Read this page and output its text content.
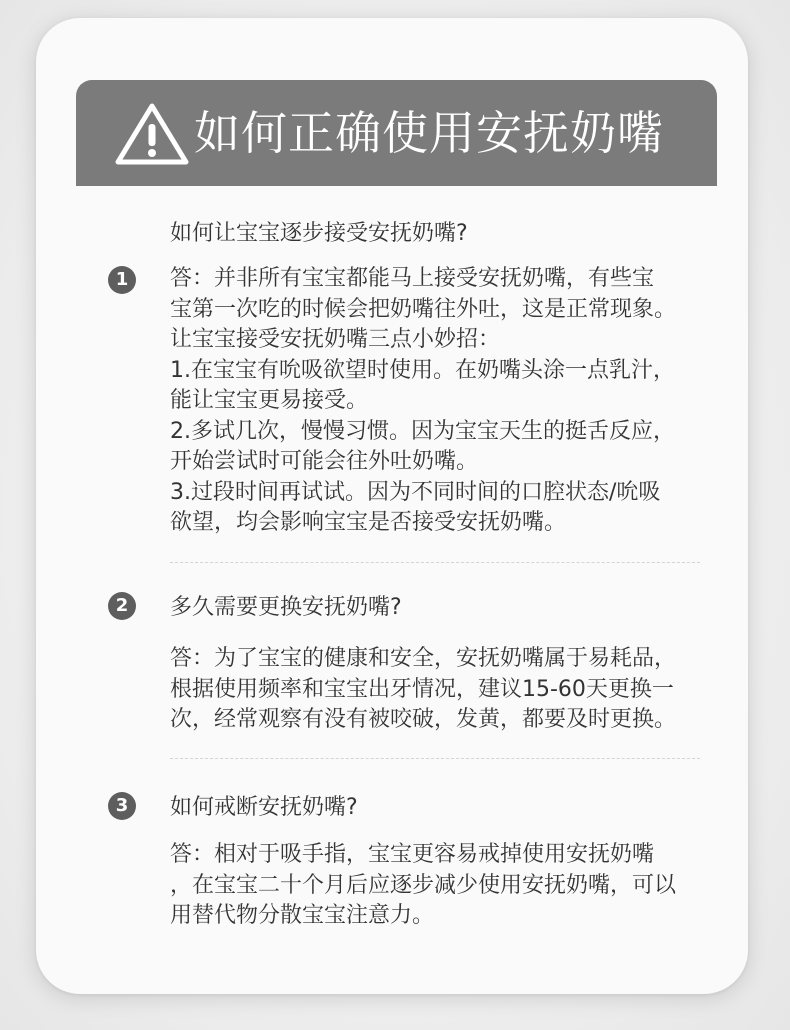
如何正确使用安抚奶嘴
如何让宝宝逐步接受安抚奶嘴?
1	答：并非所有宝宝都能马上接受安抚奶嘴，有些宝
宝第一次吃的时候会把奶嘴往外吐，这是正常现象。
让宝宝接受安抚奶嘴三点小妙招：
1.在宝宝有吮吸欲望时使用。在奶嘴头涂一点乳汁，
能让宝宝更易接受。
2.多试几次，慢慢习惯。因为宝宝天生的挺舌反应，
开始尝试时可能会往外吐奶嘴。
3.过段时间再试试。因为不同时间的口腔状态/吮吸
欲望，均会影响宝宝是否接受安抚奶嘴。
2	多久需要更换安抚奶嘴?
答：为了宝宝的健康和安全，安抚奶嘴属于易耗品，
根据使用频率和宝宝出牙情况，建议15-60天更换一
次，经常观察有没有被咬破，发黄，都要及时更换。
3	如何戒断安抚奶嘴?
答：相对于吸手指，宝宝更容易戒掉使用安抚奶嘴
，在宝宝二十个月后应逐步减少使用安抚奶嘴，可以
用替代物分散宝宝注意力。
